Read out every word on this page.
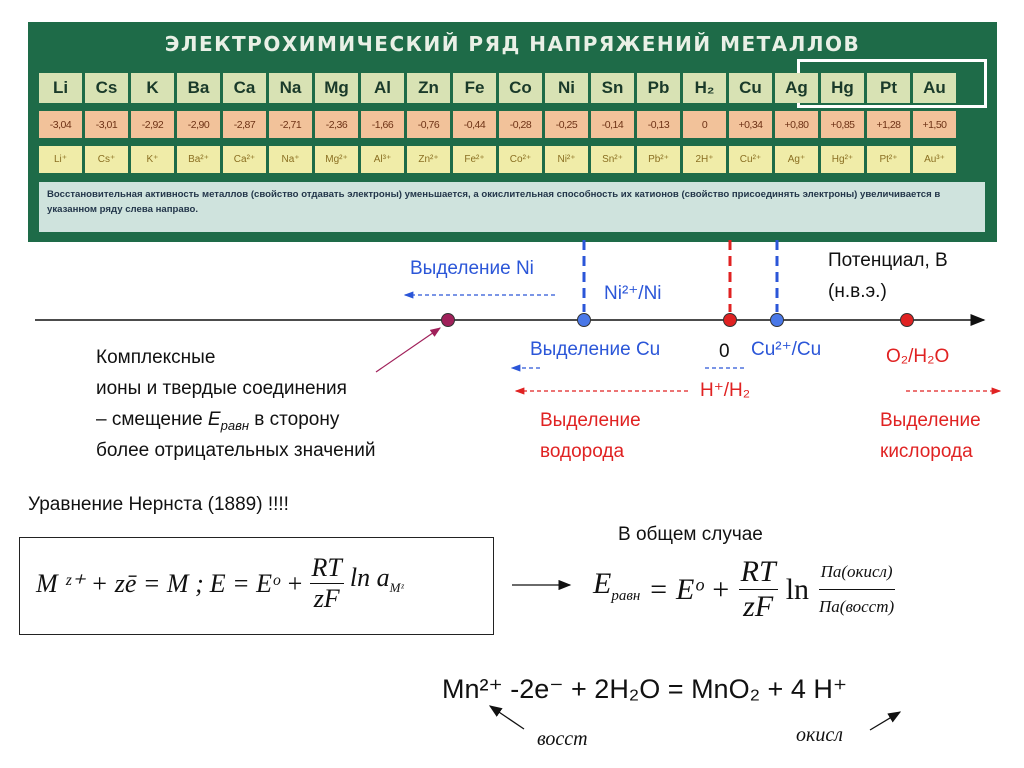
ЭЛЕКТРОХИМИЧЕСКИЙ РЯД НАПРЯЖЕНИЙ МЕТАЛЛОВ
Li	Cs	K	Ba	Ca	Na	Mg	Al	Zn	Fe	Co	Ni	Sn	Pb	H₂	Cu	Ag	Hg	Pt	Au
-3,04	-3,01	-2,92	-2,90	-2,87	-2,71	-2,36	-1,66	-0,76	-0,44	-0,28	-0,25	-0,14	-0,13	0	+0,34	+0,80	+0,85	+1,28	+1,50
Li⁺	Cs⁺	K⁺	Ba²⁺	Ca²⁺	Na⁺	Mg²⁺	Al³⁺	Zn²⁺	Fe²⁺	Co²⁺	Ni²⁺	Sn²⁺	Pb²⁺	2H⁺	Cu²⁺	Ag⁺	Hg²⁺	Pt²⁺	Au³⁺
Восстановительная активность металлов (свойство отдавать электроны) уменьшается, а окислительная способность их катионов (свойство присоединять электроны) увеличивается в указанном ряду слева направо.
Выделение Ni
Ni²⁺/Ni
Потенциал, В
(н.в.э.)
Выделение Cu	0 Cu²⁺/Cu	O₂/H₂O
H⁺/H₂
Выделение
водорода
Выделение
кислорода
Комплексные
ионы и твердые соединения
– смещение $E_{равн}$ в сторону
более отрицательных значений
Уравнение Нернста (1889) !!!!
В общем случае
M ᶻ⁺ + zē = M ; E = Eᵒ + $\frac{RT}{zF}$ $\ln a_{Mᶻ}$	$E_{равн}$ = Eᵒ + $\frac{RT}{zF}$ $\ln \frac{\text{Πa(окисл)}}{\text{Πa(восст)}}$
Mn²⁺ -2e⁻ + 2H₂O = MnO₂ + 4 H⁺
восст	окисл
